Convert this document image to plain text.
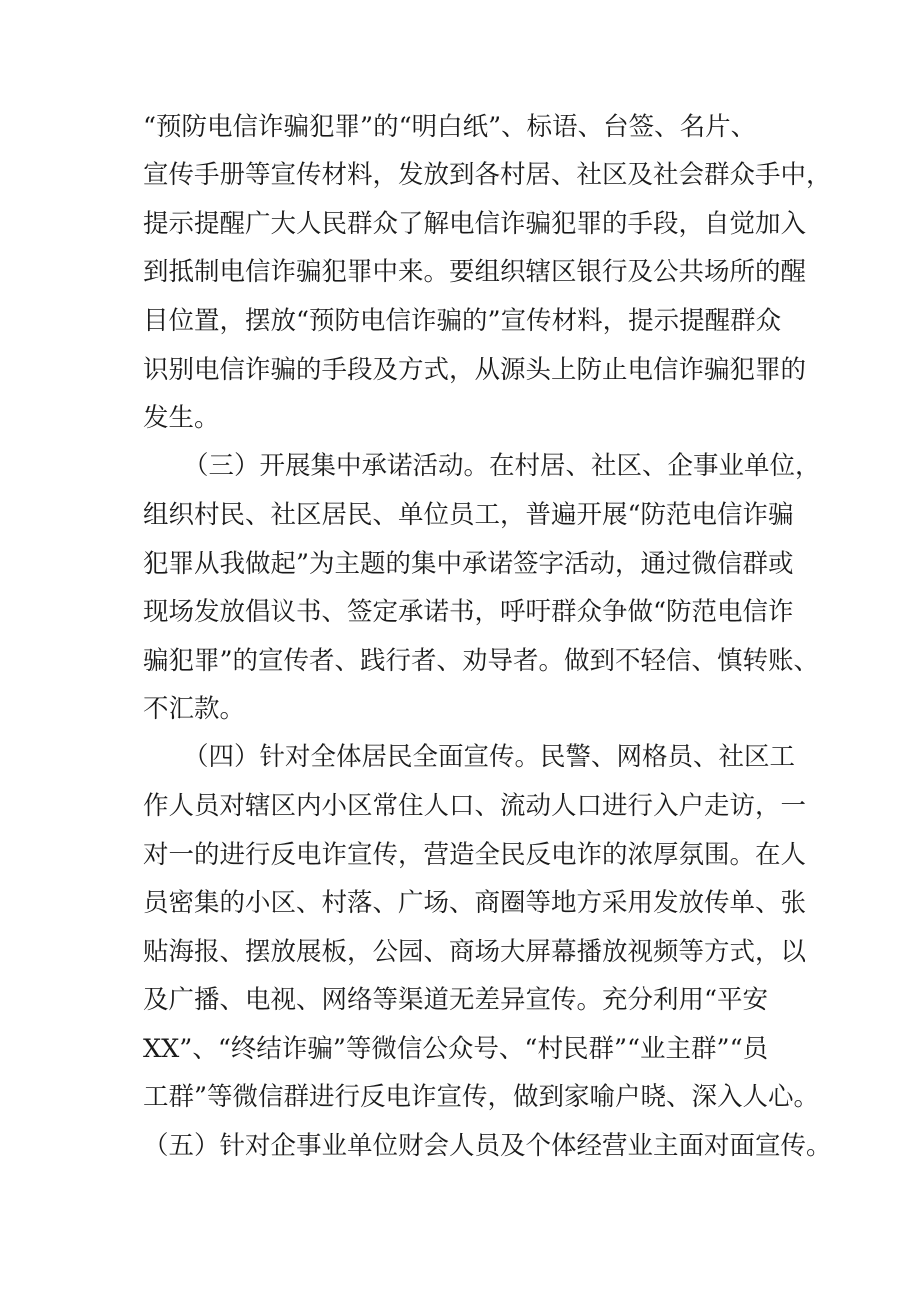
“预防电信诈骗犯罪”的“明白纸”、标语、台签、名片、
宣传手册等宣传材料，发放到各村居、社区及社会群众手中，
提示提醒广大人民群众了解电信诈骗犯罪的手段，自觉加入
到抵制电信诈骗犯罪中来。要组织辖区银行及公共场所的醒
目位置，摆放“预防电信诈骗的”宣传材料，提示提醒群众
识别电信诈骗的手段及方式，从源头上防止电信诈骗犯罪的
发生。
（三）开展集中承诺活动。在村居、社区、企事业单位，
组织村民、社区居民、单位员工，普遍开展“防范电信诈骗
犯罪从我做起”为主题的集中承诺签字活动，通过微信群或
现场发放倡议书、签定承诺书，呼吁群众争做“防范电信诈
骗犯罪”的宣传者、践行者、劝导者。做到不轻信、慎转账、
不汇款。
（四）针对全体居民全面宣传。民警、网格员、社区工
作人员对辖区内小区常住人口、流动人口进行入户走访，一
对一的进行反电诈宣传，营造全民反电诈的浓厚氛围。在人
员密集的小区、村落、广场、商圈等地方采用发放传单、张
贴海报、摆放展板，公园、商场大屏幕播放视频等方式，以
及广播、电视、网络等渠道无差异宣传。充分利用“平安
XX”、“终结诈骗”等微信公众号、“村民群”“业主群”“员
工群”等微信群进行反电诈宣传，做到家喻户晓、深入人心。
（五）针对企事业单位财会人员及个体经营业主面对面宣传。
